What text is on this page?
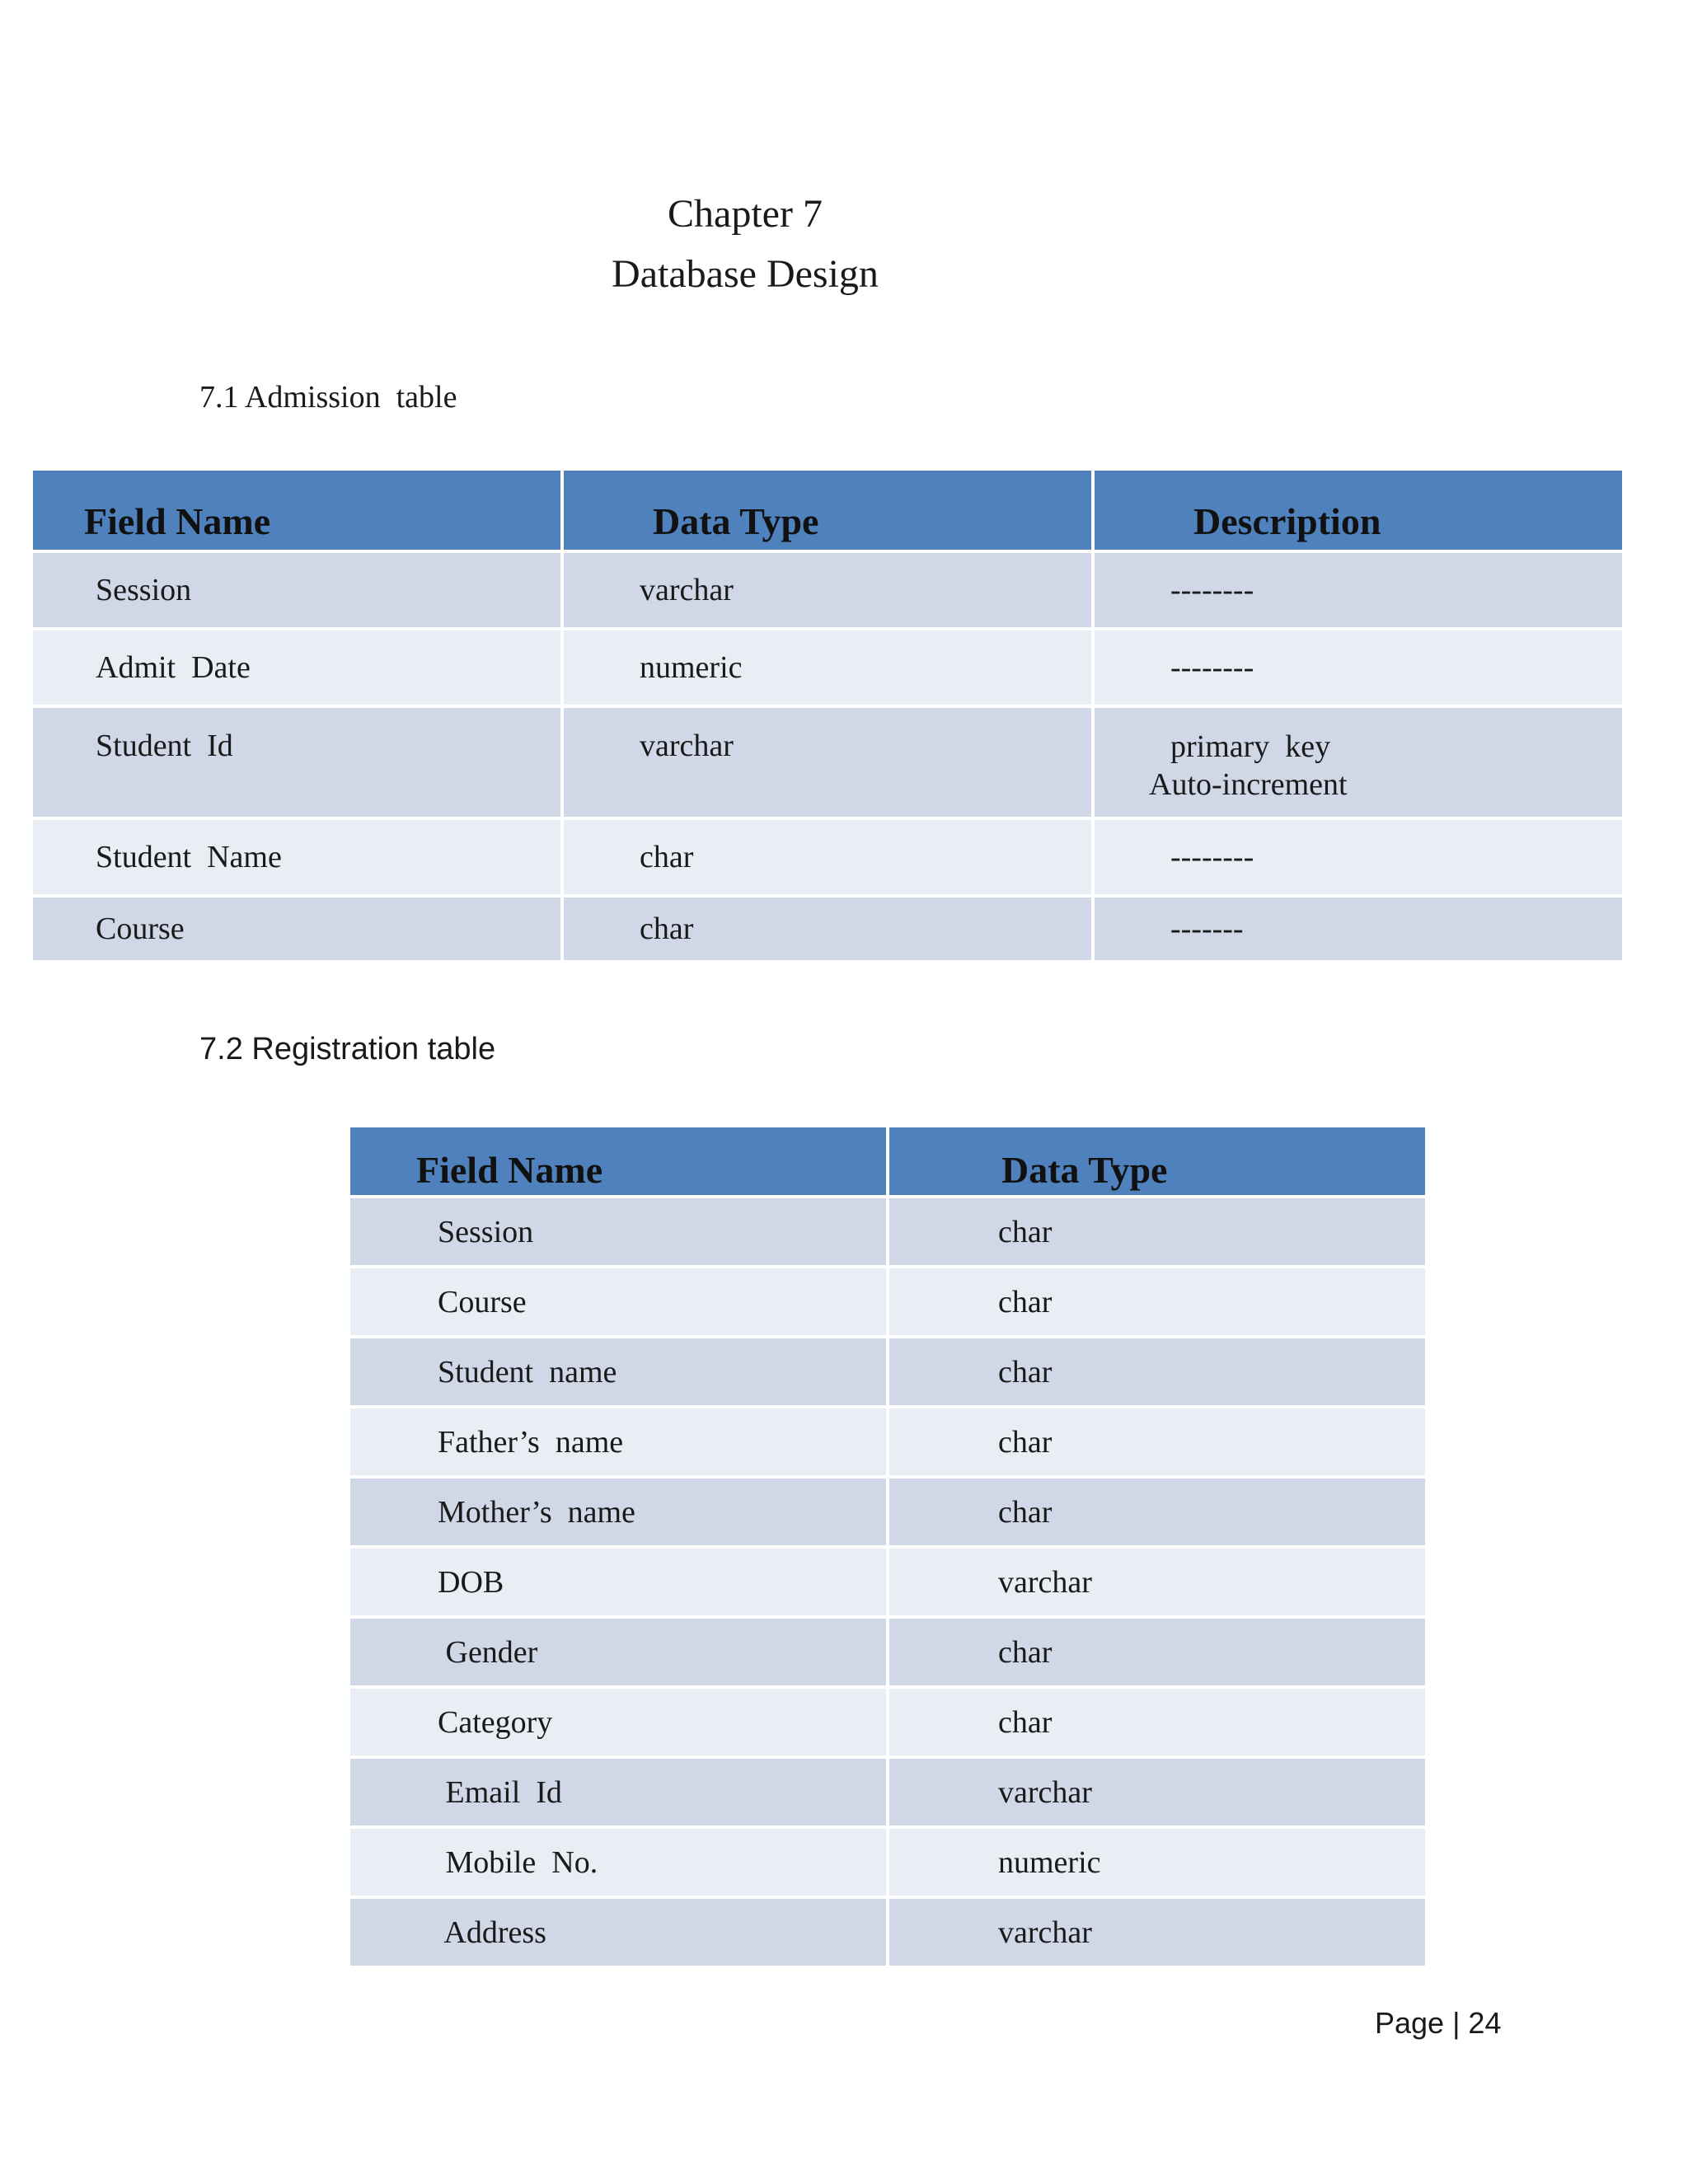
Chapter 7
Database Design
7.1 Admission  table
Field Name	Data Type	Description
Session	varchar	--------
Admit  Date	numeric	--------
Student  Id	varchar	primary  key
Auto-increment

Student  Name	char	--------
Course	char	-------
7.2 Registration table
Field Name	Data Type
Session	char
Course	char
Student  name	char
Father’s  name	char
Mother’s  name	char
DOB	varchar
Gender	char
Category	char
Email  Id	varchar
Mobile  No.	numeric
Address	varchar
Page | 24
